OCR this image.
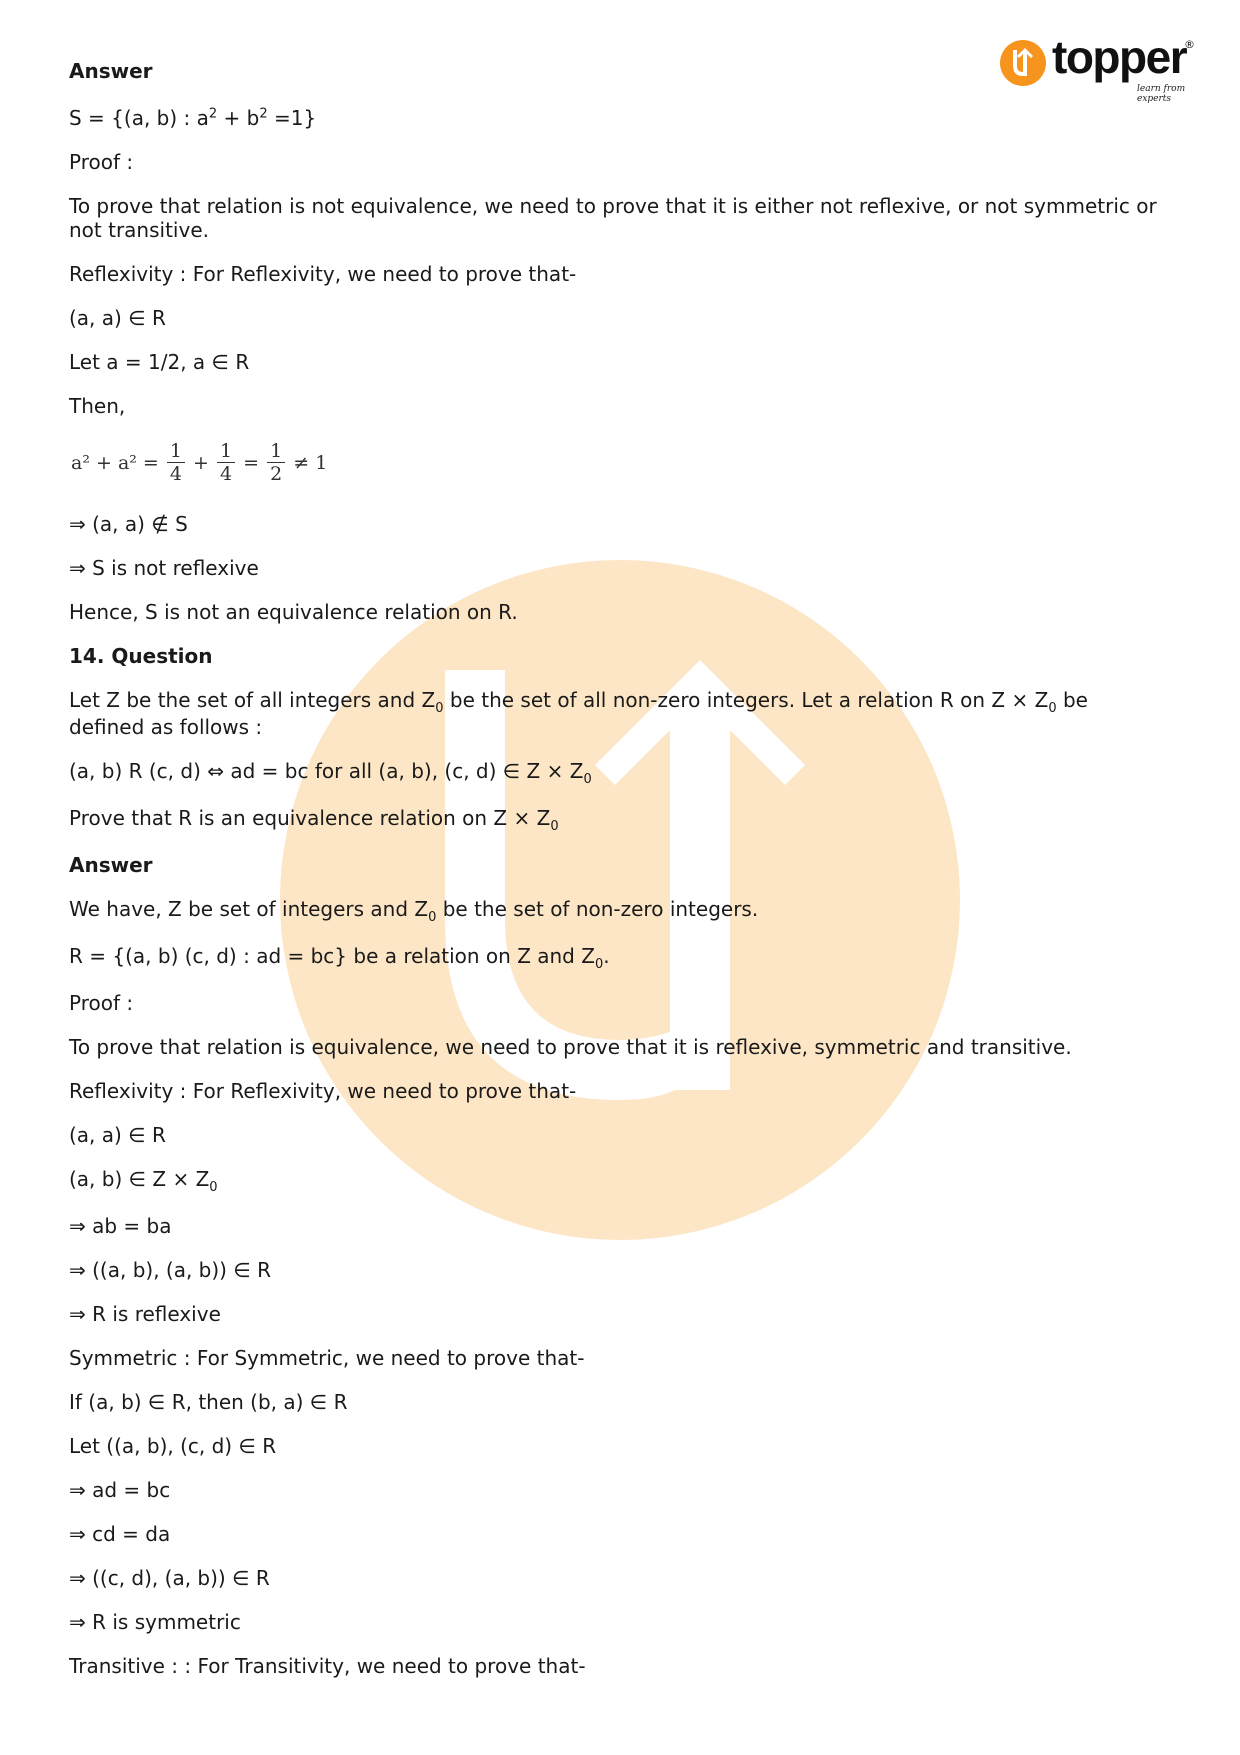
topper
®
learn from experts
Answer
S = {(a, b) : $a^2 + b^2 =1$}
Proof :
To prove that relation is not equivalence, we need to prove that it is either not reflexive, or not symmetric or
not transitive.
Reflexivity : For Reflexivity, we need to prove that-
(a, a) ∈ R
Let a = 1/2, a ∈ R
Then,
$a^2 + a^2 = \frac{1}{4} + \frac{1}{4} = \frac{1}{2} \ne 1$
⇒ (a, a) ∉ S
⇒ S is not reflexive
Hence, S is not an equivalence relation on R.
14. Question
Let Z be the set of all integers and $Z_0$ be the set of all non-zero integers. Let a relation R on $Z \times Z_0$ be
defined as follows :
(a, b) R (c, d) ⇔ ad = bc for all (a, b), (c, d) ∈ $Z \times Z_0$
Prove that R is an equivalence relation on $Z \times Z_0$
Answer
We have, Z be set of integers and $Z_0$ be the set of non-zero integers.
R = {(a, b) (c, d) : ad = bc} be a relation on Z and $Z_0$.
Proof :
To prove that relation is equivalence, we need to prove that it is reflexive, symmetric and transitive.
Reflexivity : For Reflexivity, we need to prove that-
(a, a) ∈ R
(a, b) ∈ $Z \times Z_0$
⇒ ab = ba
⇒ ((a, b), (a, b)) ∈ R
⇒ R is reflexive
Symmetric : For Symmetric, we need to prove that-
If (a, b) ∈ R, then (b, a) ∈ R
Let ((a, b), (c, d) ∈ R
⇒ ad = bc
⇒ cd = da
⇒ ((c, d), (a, b)) ∈ R
⇒ R is symmetric
Transitive : : For Transitivity, we need to prove that-
